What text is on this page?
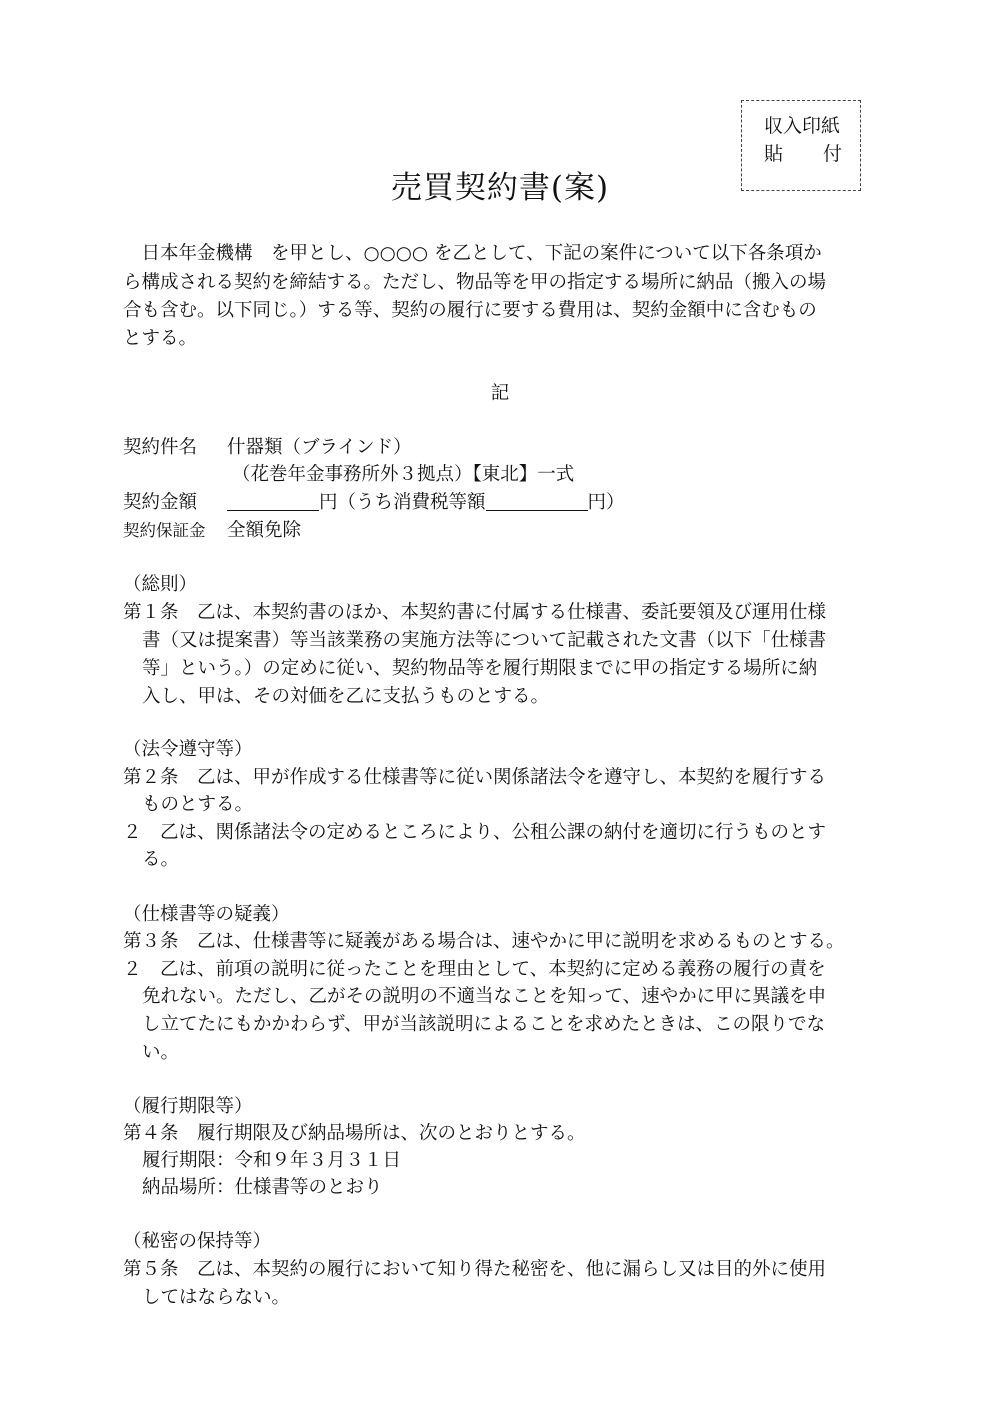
収入印紙
貼 付
売買契約書(案)
　日本年金機構　を甲とし、○○○○ を乙として、下記の案件について以下各条項か
ら構成される契約を締結する。ただし、物品等を甲の指定する場所に納品（搬入の場
合も含む。以下同じ。）する等、契約の履行に要する費用は、契約金額中に含むもの
とする。
記
契約件名 什器類（ブラインド）
（花巻年金事務所外３拠点）【東北】一式
契約金額	円（うち消費税等額	円）
契約保証金 全額免除
（総則）
第１条　乙は、本契約書のほか、本契約書に付属する仕様書、委託要領及び運用仕様
書（又は提案書）等当該業務の実施方法等について記載された文書（以下「仕様書
等」という。）の定めに従い、契約物品等を履行期限までに甲の指定する場所に納
入し、甲は、その対価を乙に支払うものとする。
（法令遵守等）
第２条　乙は、甲が作成する仕様書等に従い関係諸法令を遵守し、本契約を履行する
ものとする。
２　乙は、関係諸法令の定めるところにより、公租公課の納付を適切に行うものとす
る。
（仕様書等の疑義）
第３条　乙は、仕様書等に疑義がある場合は、速やかに甲に説明を求めるものとする。
２　乙は、前項の説明に従ったことを理由として、本契約に定める義務の履行の責を
免れない。ただし、乙がその説明の不適当なことを知って、速やかに甲に異議を申
し立てたにもかかわらず、甲が当該説明によることを求めたときは、この限りでな
い。
（履行期限等）
第４条　履行期限及び納品場所は、次のとおりとする。
履行期限：令和９年３月３１日
納品場所：仕様書等のとおり
（秘密の保持等）
第５条　乙は、本契約の履行において知り得た秘密を、他に漏らし又は目的外に使用
してはならない。
